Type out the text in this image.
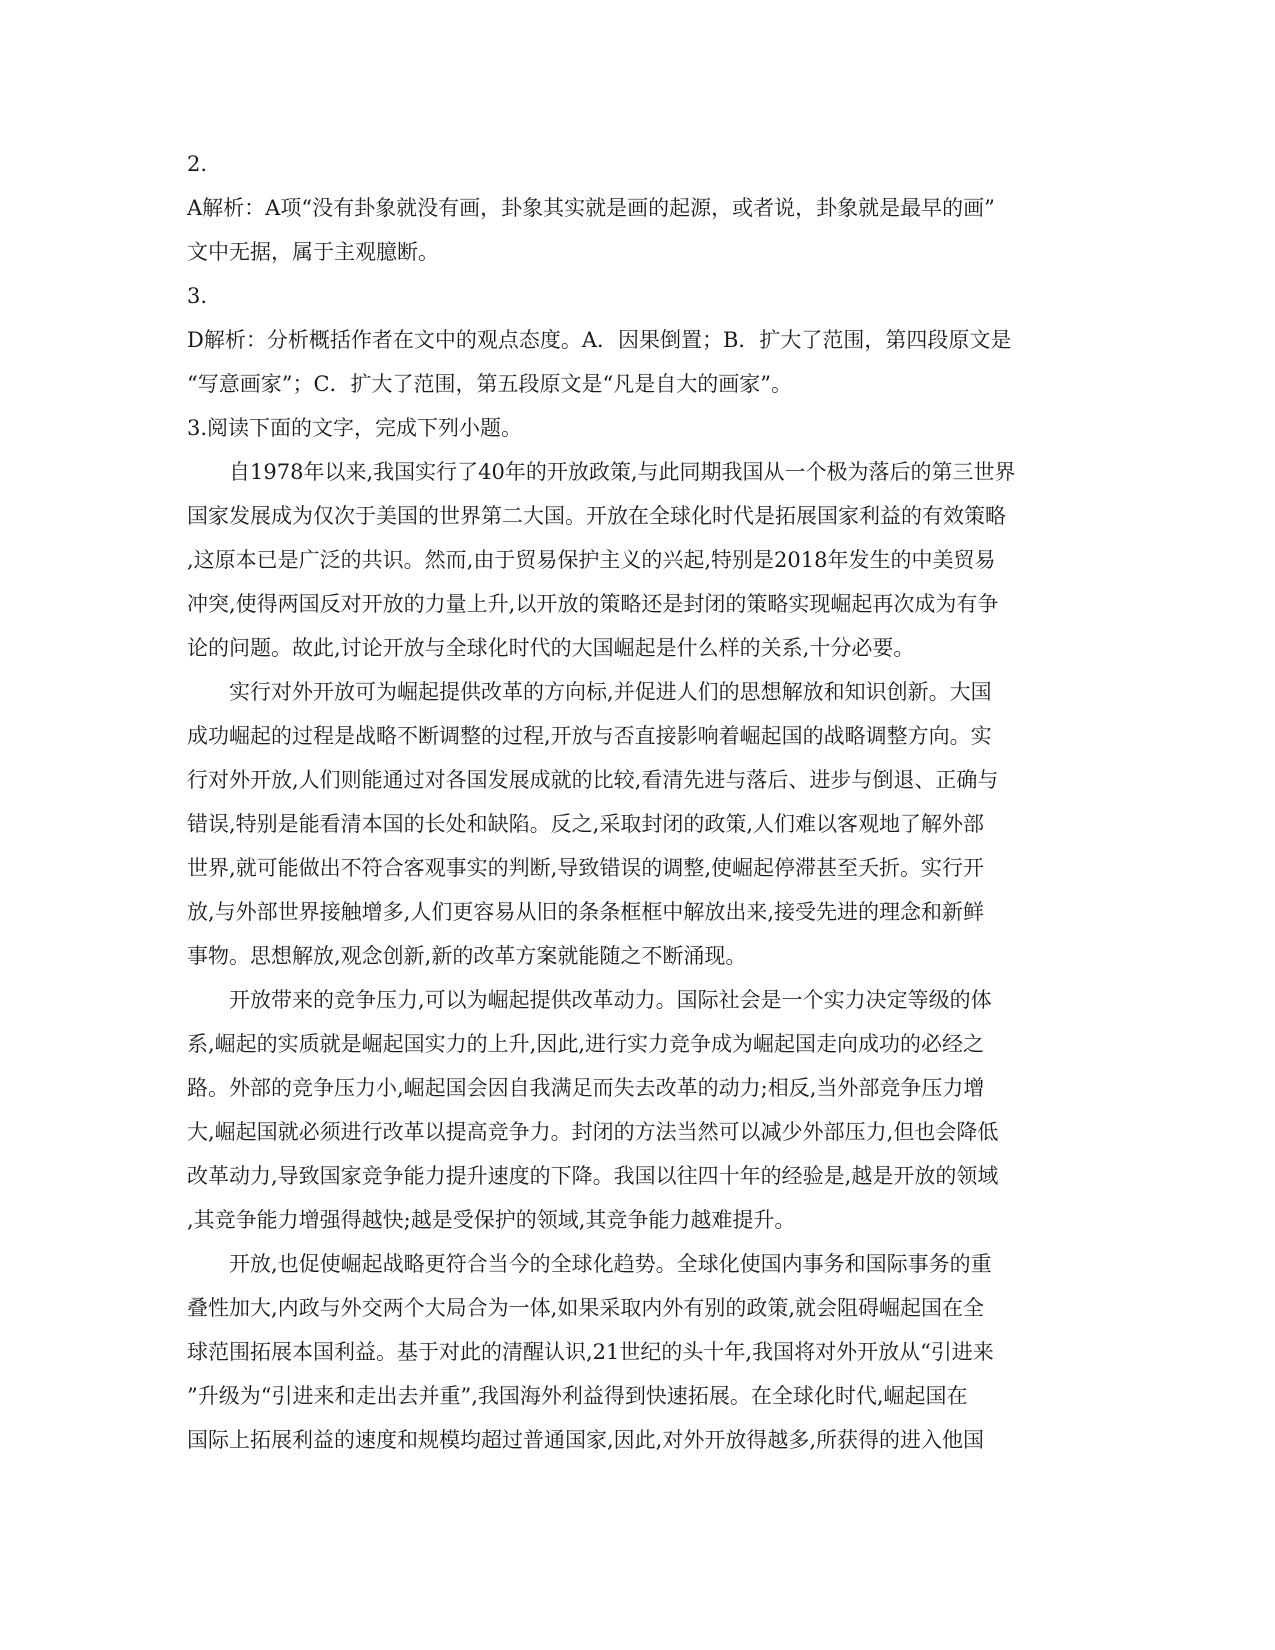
2.
A解析：A项“没有卦象就没有画，卦象其实就是画的起源，或者说，卦象就是最早的画”
文中无据，属于主观臆断。
3.
D解析：分析概括作者在文中的观点态度。A．因果倒置；B．扩大了范围，第四段原文是
“写意画家”；C．扩大了范围，第五段原文是“凡是自大的画家”。
3.阅读下面的文字，完成下列小题。
自1978年以来,我国实行了40年的开放政策,与此同期我国从一个极为落后的第三世界
国家发展成为仅次于美国的世界第二大国。开放在全球化时代是拓展国家利益的有效策略
,这原本已是广泛的共识。然而,由于贸易保护主义的兴起,特别是2018年发生的中美贸易
冲突,使得两国反对开放的力量上升,以开放的策略还是封闭的策略实现崛起再次成为有争
论的问题。故此,讨论开放与全球化时代的大国崛起是什么样的关系,十分必要。
实行对外开放可为崛起提供改革的方向标,并促进人们的思想解放和知识创新。大国
成功崛起的过程是战略不断调整的过程,开放与否直接影响着崛起国的战略调整方向。实
行对外开放,人们则能通过对各国发展成就的比较,看清先进与落后、进步与倒退、正确与
错误,特别是能看清本国的长处和缺陷。反之,采取封闭的政策,人们难以客观地了解外部
世界,就可能做出不符合客观事实的判断,导致错误的调整,使崛起停滞甚至夭折。实行开
放,与外部世界接触增多,人们更容易从旧的条条框框中解放出来,接受先进的理念和新鲜
事物。思想解放,观念创新,新的改革方案就能随之不断涌现。
开放带来的竞争压力,可以为崛起提供改革动力。国际社会是一个实力决定等级的体
系,崛起的实质就是崛起国实力的上升,因此,进行实力竞争成为崛起国走向成功的必经之
路。外部的竞争压力小,崛起国会因自我满足而失去改革的动力;相反,当外部竞争压力增
大,崛起国就必须进行改革以提高竞争力。封闭的方法当然可以减少外部压力,但也会降低
改革动力,导致国家竞争能力提升速度的下降。我国以往四十年的经验是,越是开放的领域
,其竞争能力增强得越快;越是受保护的领域,其竞争能力越难提升。
开放,也促使崛起战略更符合当今的全球化趋势。全球化使国内事务和国际事务的重
叠性加大,内政与外交两个大局合为一体,如果采取内外有别的政策,就会阻碍崛起国在全
球范围拓展本国利益。基于对此的清醒认识,21世纪的头十年,我国将对外开放从“引进来
”升级为“引进来和走出去并重”,我国海外利益得到快速拓展。在全球化时代,崛起国在
国际上拓展利益的速度和规模均超过普通国家,因此,对外开放得越多,所获得的进入他国
